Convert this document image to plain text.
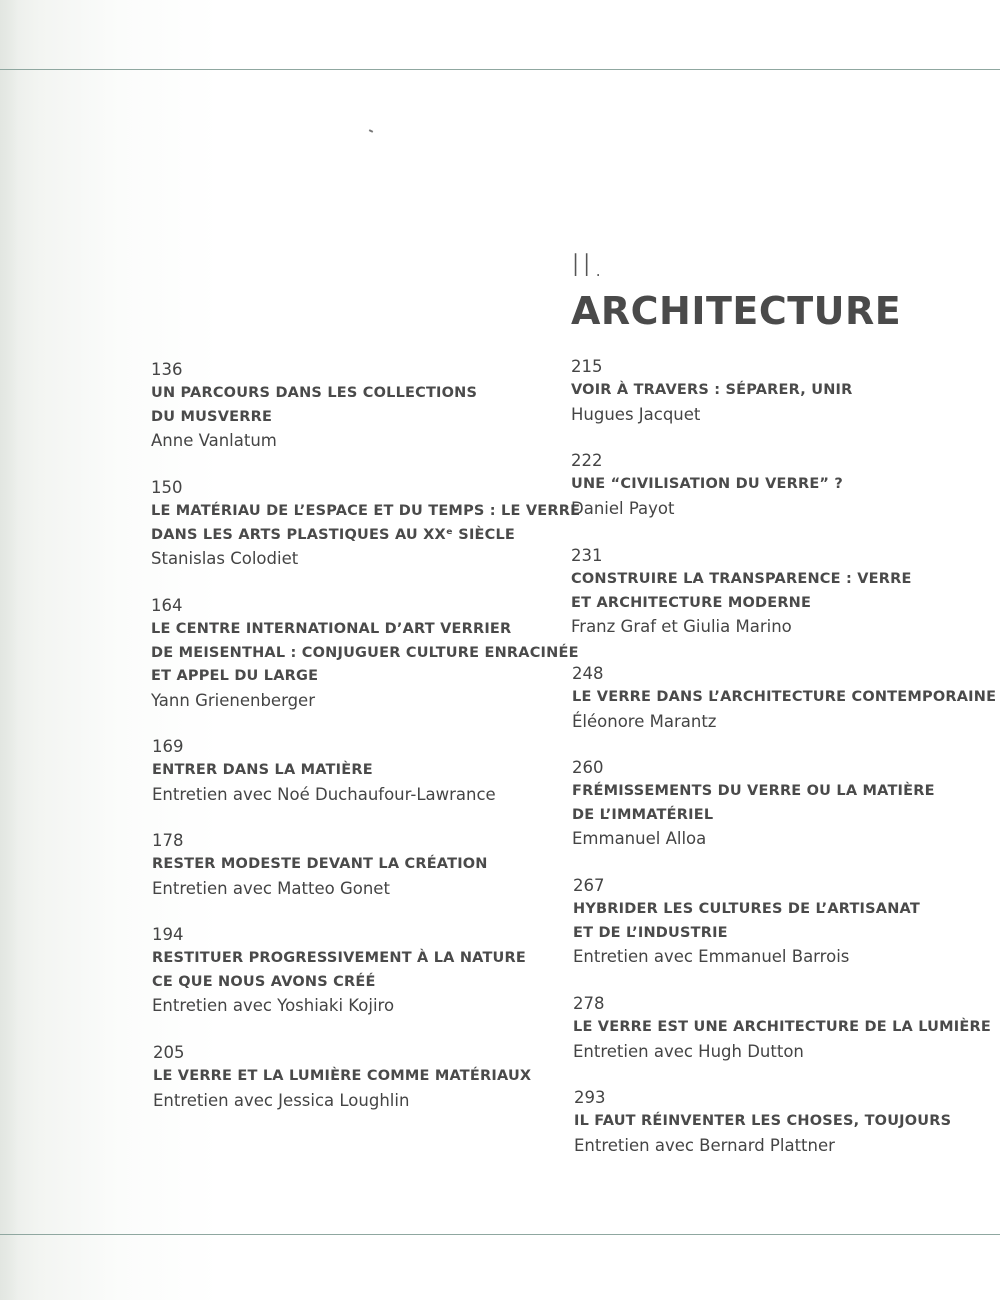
II.
ARCHITECTURE
136
UN PARCOURS DANS LES COLLECTIONS
DU MUSVERRE
Anne Vanlatum
150
LE MATÉRIAU DE L’ESPACE ET DU TEMPS : LE VERRE
DANS LES ARTS PLASTIQUES AU XXᵉ SIÈCLE
Stanislas Colodiet
164
LE CENTRE INTERNATIONAL D’ART VERRIER
DE MEISENTHAL : CONJUGUER CULTURE ENRACINÉE
ET APPEL DU LARGE
Yann Grienenberger
169
ENTRER DANS LA MATIÈRE
Entretien avec Noé Duchaufour-Lawrance
178
RESTER MODESTE DEVANT LA CRÉATION
Entretien avec Matteo Gonet
194
RESTITUER PROGRESSIVEMENT À LA NATURE
CE QUE NOUS AVONS CRÉÉ
Entretien avec Yoshiaki Kojiro
205
LE VERRE ET LA LUMIÈRE COMME MATÉRIAUX
Entretien avec Jessica Loughlin
215
VOIR À TRAVERS : SÉPARER, UNIR
Hugues Jacquet
222
UNE “CIVILISATION DU VERRE” ?
Daniel Payot
231
CONSTRUIRE LA TRANSPARENCE : VERRE
ET ARCHITECTURE MODERNE
Franz Graf et Giulia Marino
248
LE VERRE DANS L’ARCHITECTURE CONTEMPORAINE
Éléonore Marantz
260
FRÉMISSEMENTS DU VERRE OU LA MATIÈRE
DE L’IMMATÉRIEL
Emmanuel Alloa
267
HYBRIDER LES CULTURES DE L’ARTISANAT
ET DE L’INDUSTRIE
Entretien avec Emmanuel Barrois
278
LE VERRE EST UNE ARCHITECTURE DE LA LUMIÈRE
Entretien avec Hugh Dutton
293
IL FAUT RÉINVENTER LES CHOSES, TOUJOURS
Entretien avec Bernard Plattner
